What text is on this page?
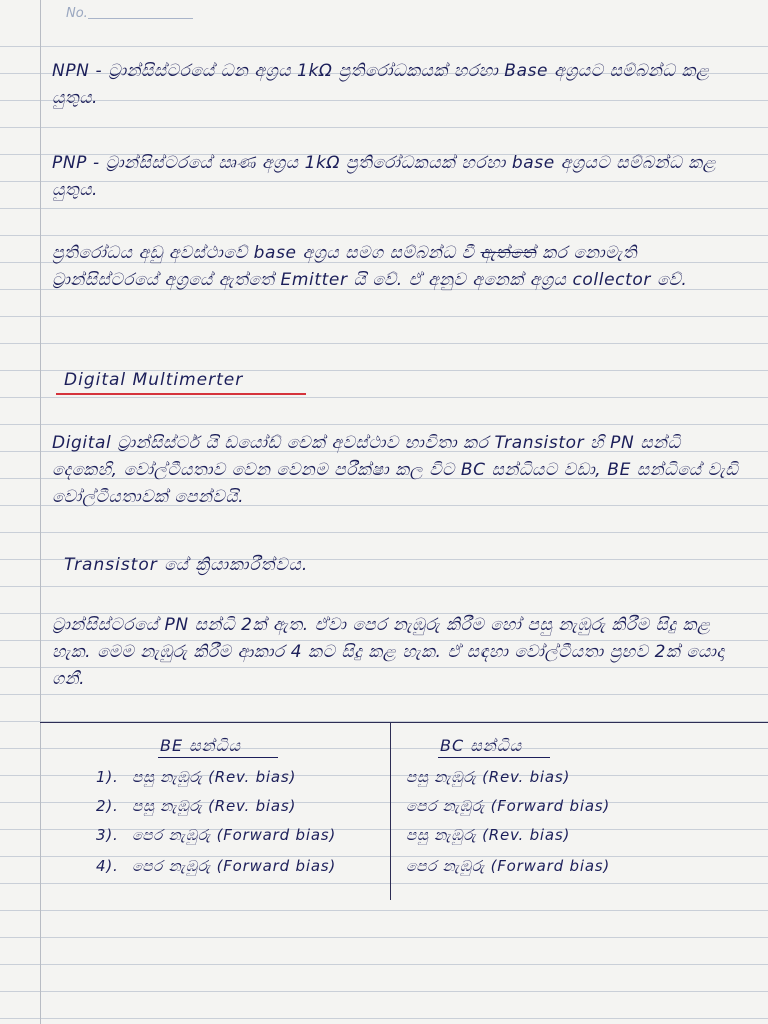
No.
NPN - ට්‍රාන්සිස්ටරයේ ධන අග්‍රය 1kΩ ප්‍රතිරෝධකයක් හරහා Base අග්‍රයට සම්බන්ධ කළ යුතුය.
PNP - ට්‍රාන්සිස්ටරයේ ඍණ අග්‍රය 1kΩ ප්‍රතිරෝධකයක් හරහා base අග්‍රයට සම්බන්ධ කළ යුතුය.
ප්‍රතිරෝධය අඩු අවස්ථාවේ base අග්‍රය සමග සම්බන්ධ වී ඇත්තේ කර නොමැති ට්‍රාන්සිස්ටරයේ අග්‍රයේ ඇත්තේ Emitter යි වේ. ඒ අනුව අනෙක් අග්‍රය collector වේ.
Digital Multimerter
Digital ට්‍රාන්සිස්ටර් යි ඩයෝඩ් චෙක් අවස්ථාව භාවිතා කර Transistor හි PN සන්ධි දෙකෙහි, වෝල්ටීයතාව වෙන වෙනම පරීක්ෂා කල විට BC සන්ධියට වඩා, BE සන්ධියේ වැඩි වෝල්ටීයතාවක් පෙන්වයි.
Transistor යේ ක්‍රියාකාරීත්වය.
ට්‍රාන්සිස්ටරයේ PN සන්ධි 2ක් ඇත. ඒවා පෙර නැඹුරු කිරීම හෝ පසු නැඹුරු කිරීම සිදු කළ හැක. මෙම නැඹුරු කිරීම ආකාර 4 කට සිදු කළ හැක. ඒ සඳහා වෝල්ටීයතා ප්‍රභව 2ක් යොදා ගනී.
BE සන්ධිය	BC සන්ධිය
1). පසු නැඹුරු (Rev. bias)	පසු නැඹුරු (Rev. bias)
2). පසු නැඹුරු (Rev. bias)	පෙර නැඹුරු (Forward bias)
3). පෙර නැඹුරු (Forward bias)	පසු නැඹුරු (Rev. bias)
4). පෙර නැඹුරු (Forward bias)	පෙර නැඹුරු (Forward bias)
